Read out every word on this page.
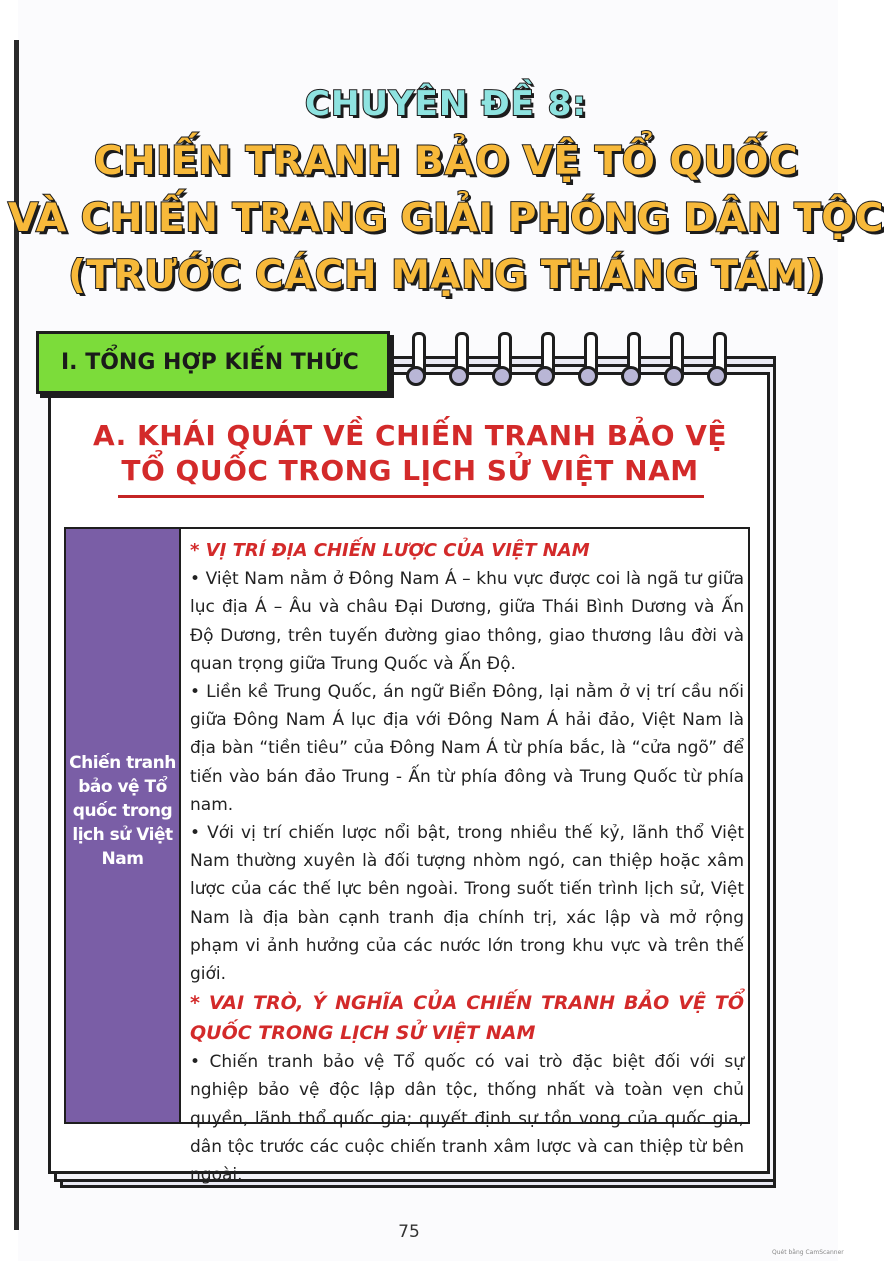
CHUYÊN ĐỀ 8:
CHIẾN TRANH BẢO VỆ TỔ QUỐC
VÀ CHIẾN TRANG GIẢI PHÓNG DÂN TỘC
(TRƯỚC CÁCH MẠNG THÁNG TÁM)
I. TỔNG HỢP KIẾN THỨC
A. KHÁI QUÁT VỀ CHIẾN TRANH BẢO VỆ
TỔ QUỐC TRONG LỊCH SỬ VIỆT NAM
Chiến tranh bảo vệ Tổ quốc trong lịch sử Việt Nam

* VỊ TRÍ ĐỊA CHIẾN LƯỢC CỦA VIỆT NAM

• Việt Nam nằm ở Đông Nam Á – khu vực được coi là ngã tư giữa lục địa Á – Âu và châu Đại Dương, giữa Thái Bình Dương và Ấn Độ Dương, trên tuyến đường giao thông, giao thương lâu đời và quan trọng giữa Trung Quốc và Ấn Độ.

• Liền kề Trung Quốc, án ngữ Biển Đông, lại nằm ở vị trí cầu nối giữa Đông Nam Á lục địa với Đông Nam Á hải đảo, Việt Nam là địa bàn “tiền tiêu” của Đông Nam Á từ phía bắc, là “cửa ngõ” để tiến vào bán đảo Trung - Ấn từ phía đông và Trung Quốc từ phía nam.

• Với vị trí chiến lược nổi bật, trong nhiều thế kỷ, lãnh thổ Việt Nam thường xuyên là đối tượng nhòm ngó, can thiệp hoặc xâm lược của các thế lực bên ngoài. Trong suốt tiến trình lịch sử, Việt Nam là địa bàn cạnh tranh địa chính trị, xác lập và mở rộng phạm vi ảnh hưởng của các nước lớn trong khu vực và trên thế giới.

* VAI TRÒ, Ý NGHĨA CỦA CHIẾN TRANH BẢO VỆ TỔ QUỐC TRONG LỊCH SỬ VIỆT NAM

• Chiến tranh bảo vệ Tổ quốc có vai trò đặc biệt đối với sự nghiệp bảo vệ độc lập dân tộc, thống nhất và toàn vẹn chủ quyền, lãnh thổ quốc gia; quyết định sự tồn vong của quốc gia, dân tộc trước các cuộc chiến tranh xâm lược và can thiệp từ bên ngoài.

75
Quét bằng CamScanner
